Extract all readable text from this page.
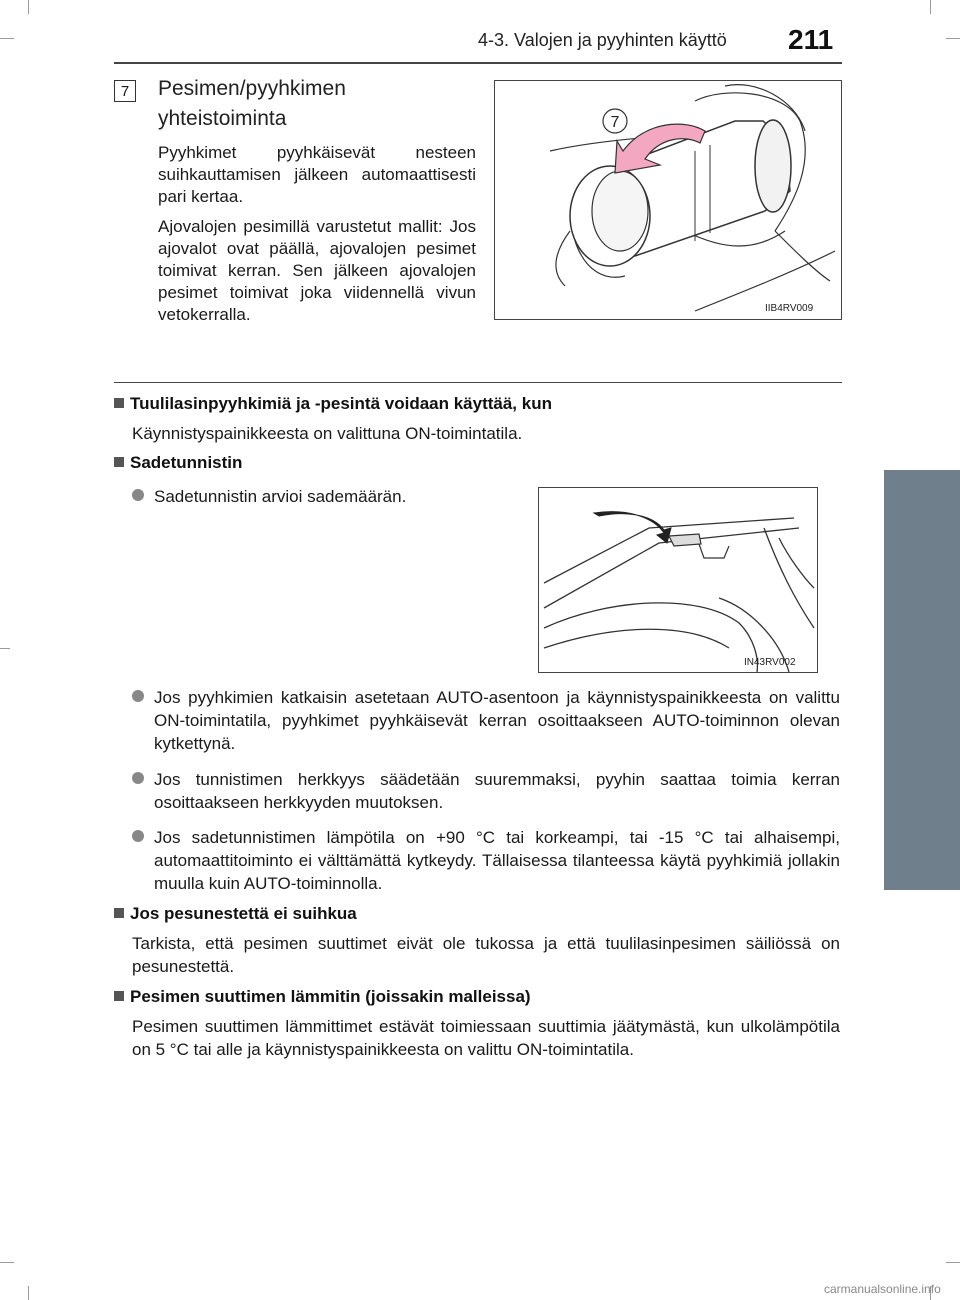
4-3. Valojen ja pyyhinten käyttö 211
4
Ajaminen
7	Pesimen/pyyhkimen
yhteistoiminta
Pyyhkimet pyyhkäisevät nesteen suihkauttamisen jälkeen automaattisesti pari kertaa.
Ajovalojen pesimillä varustetut mallit: Jos ajovalot ovat päällä, ajovalojen pesimet toimivat kerran. Sen jälkeen ajovalojen pesimet toimivat joka viidennellä vivun vetokerralla.
7
IIB4RV009
Tuulilasinpyyhkimiä ja -pesintä voidaan käyttää, kun
Käynnistyspainikkeesta on valittuna ON-toimintatila.
Sadetunnistin
Sadetunnistin arvioi sademäärän.
IN43RV002
Jos pyyhkimien katkaisin asetetaan AUTO-asentoon ja käynnistyspainikkeesta on valittu ON-toimintatila, pyyhkimet pyyhkäisevät kerran osoittaakseen AUTO-toiminnon olevan kytkettynä.
Jos tunnistimen herkkyys säädetään suuremmaksi, pyyhin saattaa toimia kerran osoittaakseen herkkyyden muutoksen.
Jos sadetunnistimen lämpötila on +90 °C tai korkeampi, tai -15 °C tai alhaisempi, automaattitoiminto ei välttämättä kytkeydy. Tällaisessa tilanteessa käytä pyyhkimiä jollakin muulla kuin AUTO-toiminnolla.
Jos pesunestettä ei suihkua
Tarkista, että pesimen suuttimet eivät ole tukossa ja että tuulilasinpesimen säiliössä on pesunestettä.
Pesimen suuttimen lämmitin (joissakin malleissa)
Pesimen suuttimen lämmittimet estävät toimiessaan suuttimia jäätymästä, kun ulkolämpötila on 5 °C tai alle ja käynnistyspainikkeesta on valittu ON-toimintatila.
carmanualsonline.info
